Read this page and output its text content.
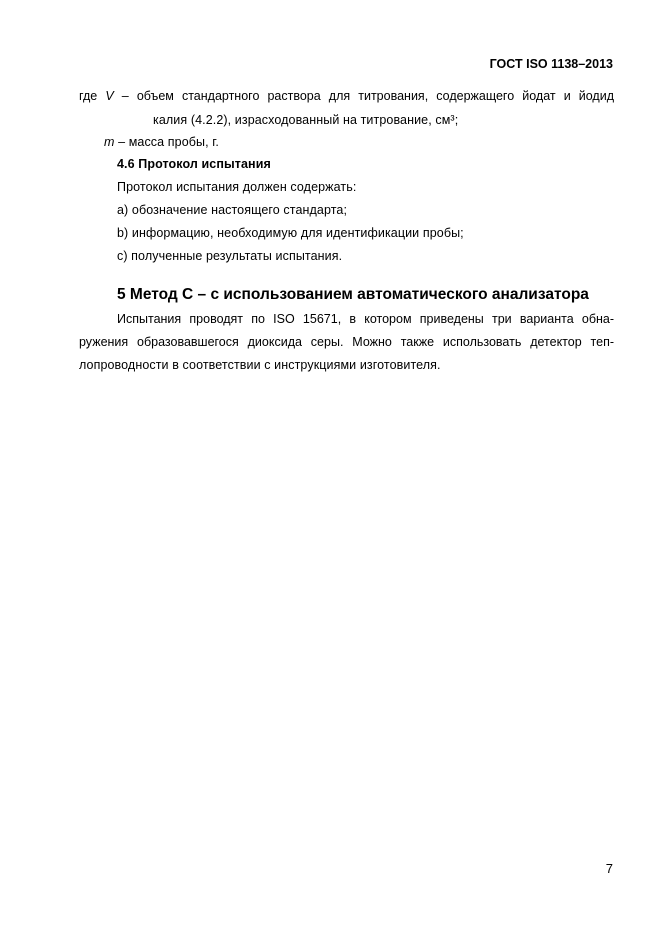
ГОСТ ISO 1138–2013
где V – объем стандартного раствора для титрования, содержащего йодат и йодид
калия (4.2.2), израсходованный на титрование, см³;
m – масса пробы, г.
4.6 Протокол испытания
Протокол испытания должен содержать:
a) обозначение настоящего стандарта;
b) информацию, необходимую для идентификации пробы;
c) полученные результаты испытания.
5 Метод С – с использованием автоматического анализатора
Испытания проводят по ISO 15671, в котором приведены три варианта обна-
ружения образовавшегося диоксида серы. Можно также использовать детектор теп-
лопроводности в соответствии с инструкциями изготовителя.
7
